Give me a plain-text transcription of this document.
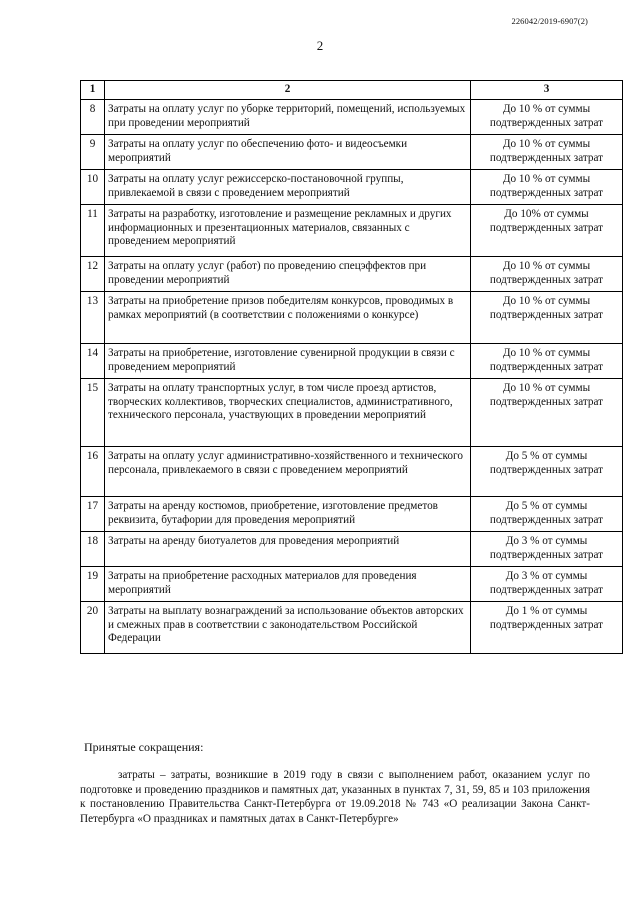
226042/2019-6907(2)
2
1	2	3
8	Затраты на оплату услуг по уборке территорий, помещений, используемых при проведении мероприятий	До 10 % от суммы подтвержденных затрат
9	Затраты на оплату услуг по обеспечению фото- и видеосъемки мероприятий	До 10 % от суммы подтвержденных затрат
10	Затраты на оплату услуг режиссерско-постановочной группы, привлекаемой в связи с проведением мероприятий	До 10 % от суммы подтвержденных затрат
11	Затраты на разработку, изготовление и размещение рекламных и других информационных и презентационных материалов, связанных с проведением мероприятий	До 10% от суммы подтвержденных затрат
12	Затраты на оплату услуг (работ) по проведению спецэффектов при проведении мероприятий	До 10 % от суммы подтвержденных затрат
13	Затраты на приобретение призов победителям конкурсов, проводимых в рамках мероприятий (в соответствии с положениями о конкурсе)	До 10 % от суммы подтвержденных затрат
14	Затраты на приобретение, изготовление сувенирной продукции в связи с проведением мероприятий	До 10 % от суммы подтвержденных затрат
15	Затраты на оплату транспортных услуг, в том числе проезд артистов, творческих коллективов, творческих специалистов, административного, технического персонала, участвующих в проведении мероприятий	До 10 % от суммы подтвержденных затрат
16	Затраты на оплату услуг административно-хозяйственного и технического персонала, привлекаемого в связи с проведением мероприятий	До 5 % от суммы подтвержденных затрат
17	Затраты на аренду костюмов, приобретение, изготовление предметов реквизита, бутафории для проведения мероприятий	До 5 % от суммы подтвержденных затрат
18	Затраты на аренду биотуалетов для проведения мероприятий	До 3 % от суммы подтвержденных затрат
19	Затраты на приобретение расходных материалов для проведения мероприятий	До 3 % от суммы подтвержденных затрат
20	Затраты на выплату вознаграждений за использование объектов авторских и смежных прав в соответствии с законодательством Российской Федерации	До 1 % от суммы подтвержденных затрат
Принятые сокращения:
затраты – затраты, возникшие в 2019 году в связи с выполнением работ, оказанием услуг по подготовке и проведению праздников и памятных дат, указанных в пунктах 7, 31, 59, 85 и 103 приложения к постановлению Правительства Санкт-Петербурга от 19.09.2018 № 743 «О реализации Закона Санкт-Петербурга «О праздниках и памятных датах в Санкт-Петербурге»
